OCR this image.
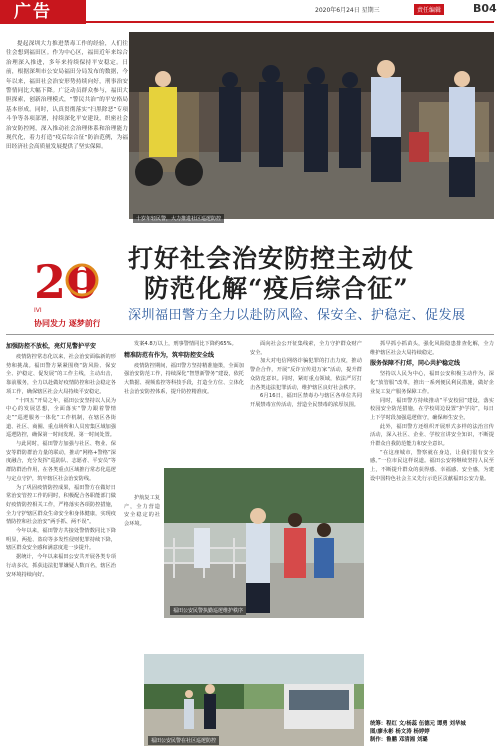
广告	2020年6月24日 星期三	责任编辑	B04
提起深圳大力推进禁毒工作的经验，人们往往会想到福田区。作为中心区，福田近年来综合治理深入推进，多年来持续保持平安稳定。日前，根据深圳市公安局福田分局发布的数据，今年以来，福田社会治安形势持续向好，刑事治安警情同比大幅下降。广泛动员群众参与，福田大胆探索，创新治理模式，“警民共治”的平安格局基本形成。同时，认真贯彻落实“扫黑除恶”专项斗争等各项部署，持续深化平安建设，织密社会治安防控网，深入推动社会治理体系和治理能力现代化，着力打造“疫后综合征”防治范例，为福田经济社会高质量发展提供了坚实保障。
十岁年轻民警，大力推进社区巡逻防控
20
IVI
协同发力 逐梦前行
打好社会治安防控主动仗
防范化解“疫后综合征”
深圳福田警方全力以赴防风险、保安全、护稳定、促发展
加强防控不放松，亮灯见警护平安

疫情防控常态化以来，社会治安面临新的形势和挑战。福田警方紧紧围绕“防风险、保安全、护稳定、促发展”的工作主线，主动出击，靠前服务，全力以赴做好疫情防控和社会稳定各项工作，确保辖区社会大局持续平安稳定。

“十四五”开局之年，福田公安坚持以人民为中心的发展思想，全面落实“警力跟着警情走”“巡逻服务一体化”工作机制，在辖区各街道、社区、商圈、重点场所和人员密集区域加强巡逻防控，确保第一时间发现、第一时间处置。

与此同时，福田警方加强与社区、物业、保安等群防群治力量的联动，推动“网格+警格”深度融合，充分发挥“巡防队、志愿者、平安员”等群防群治作用，在各类重点区域推行常态化巡逻与定点守护，筑牢辖区社会治安防线。

为了巩固疫情防控成果，福田警方在做好日常治安管控工作的同时，积极配合各职能部门做好疫情防控相关工作，严格落实各项防控措施，全力守护辖区群众生命安全和身体健康，实现疫情防控和社会治安“两手抓、两不误”。

今年以来，福田警方共接处警情数同比下降明显，两抢、盗窃等多发性侵财犯罪持续下降，辖区群众安全感和满意度进一步提升。

据统计，今年以来福田公安共开展各类专项行动多次，抓获违法犯罪嫌疑人数百名，辖区治安环境持续向好。

发案4.8万以上，刑事警情同比下降约65%。

精准防范有作为，筑牢防控安全线

疫情防控期间，福田警方坚持精准施策，全面加强治安防范工作，持续深化“智慧新警务”建设，依托大数据、视频监控等科技手段，打造全方位、立体化社会治安防控体系，提升防控精准度。

面向社会公开征集线索，全力守护群众财产安全。

加大对电信网络诈骗犯罪的打击力度，推动警企合作，开展“反诈宣传进万家”活动，提升群众防范意识。同时，紧盯重点领域，依法严厉打击各类违法犯罪活动，维护辖区良好社会秩序。

6月16日，福田区禁毒办与辖区各单位共同开展禁毒宣传活动，营造全民禁毒的浓厚氛围。

护航复工复产，全力营造安全稳定的社会环境。

福田公安民警执勤巡逻维护秩序
福田公安民警在社区巡逻防控

抓早抓小抓苗头，强化风险隐患排查化解，全力维护辖区社会大局持续稳定。

服务保障不打烊，同心共护稳定线

坚持以人民为中心，福田公安积极主动作为，深化“放管服”改革，推出一系列便民利民措施，做好企业复工复产服务保障工作。

同时，福田警方持续推动“平安校园”建设，落实校园安全防范措施，在学校周边设置“护学岗”，每日上下学时段加强巡逻值守，确保师生安全。

此外，福田警方还组织开展形式多样的法治宣传活动，深入社区、企业、学校宣讲安全知识，不断提升群众自我防范能力和安全意识。

“在这座城市，警察就在身边，让我们很有安全感。”一位市民这样说道。福田公安将继续坚持人民至上，不断提升群众的获得感、幸福感、安全感，为建设中国特色社会主义先行示范区贡献福田公安力量。

统筹：程红 文/杨蕊 伍德元 谭勇 刘华城
图/廖永彬 杨文涛 杨婷婷
制作：鲁鹏 邓清湘 刘璐
